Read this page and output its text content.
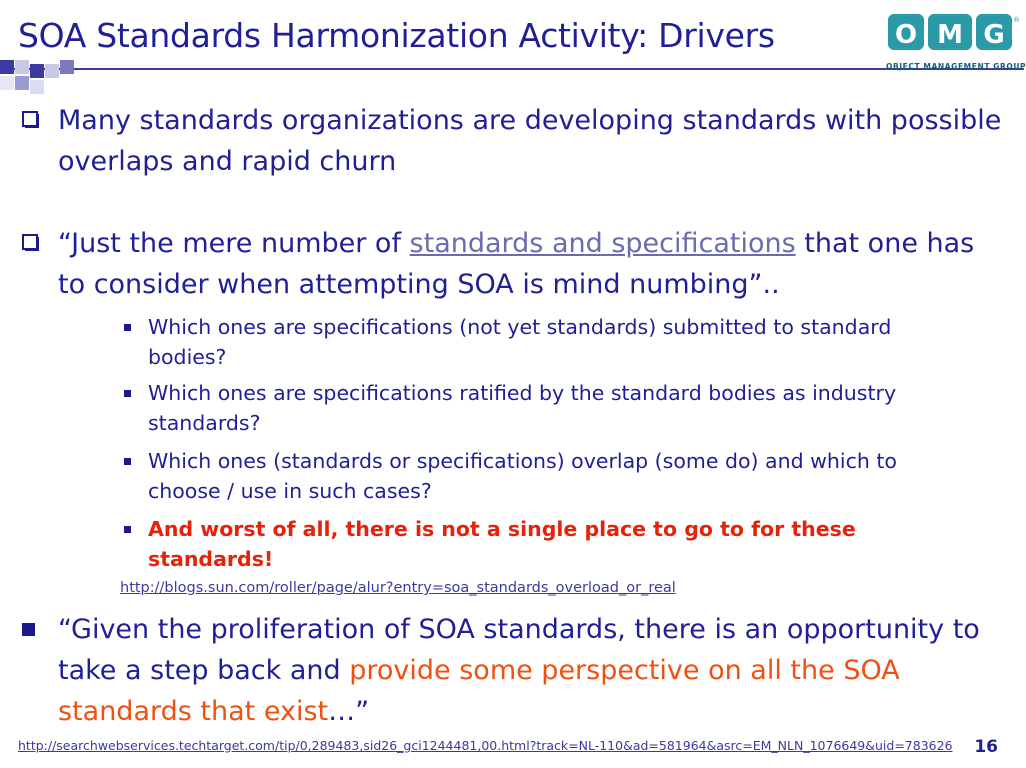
SOA Standards Harmonization Activity: Drivers	O M G ®
OBJECT MANAGEMENT GROUP
Many standards organizations are developing standards with possible overlaps and rapid churn
“Just the mere number of standards and specifications that one has to consider when attempting SOA is mind numbing”..
Which ones are specifications (not yet standards) submitted to standard bodies?
Which ones are specifications ratified by the standard bodies as industry standards?
Which ones (standards or specifications) overlap (some do) and which to choose / use in such cases?
And worst of all, there is not a single place to go to for these standards!
http://blogs.sun.com/roller/page/alur?entry=soa_standards_overload_or_real
“Given the proliferation of SOA standards, there is an opportunity to take a step back and provide some perspective on all the SOA standards that exist…”
http://searchwebservices.techtarget.com/tip/0,289483,sid26_gci1244481,00.html?track=NL-110&ad=581964&asrc=EM_NLN_1076649&uid=783626 16
